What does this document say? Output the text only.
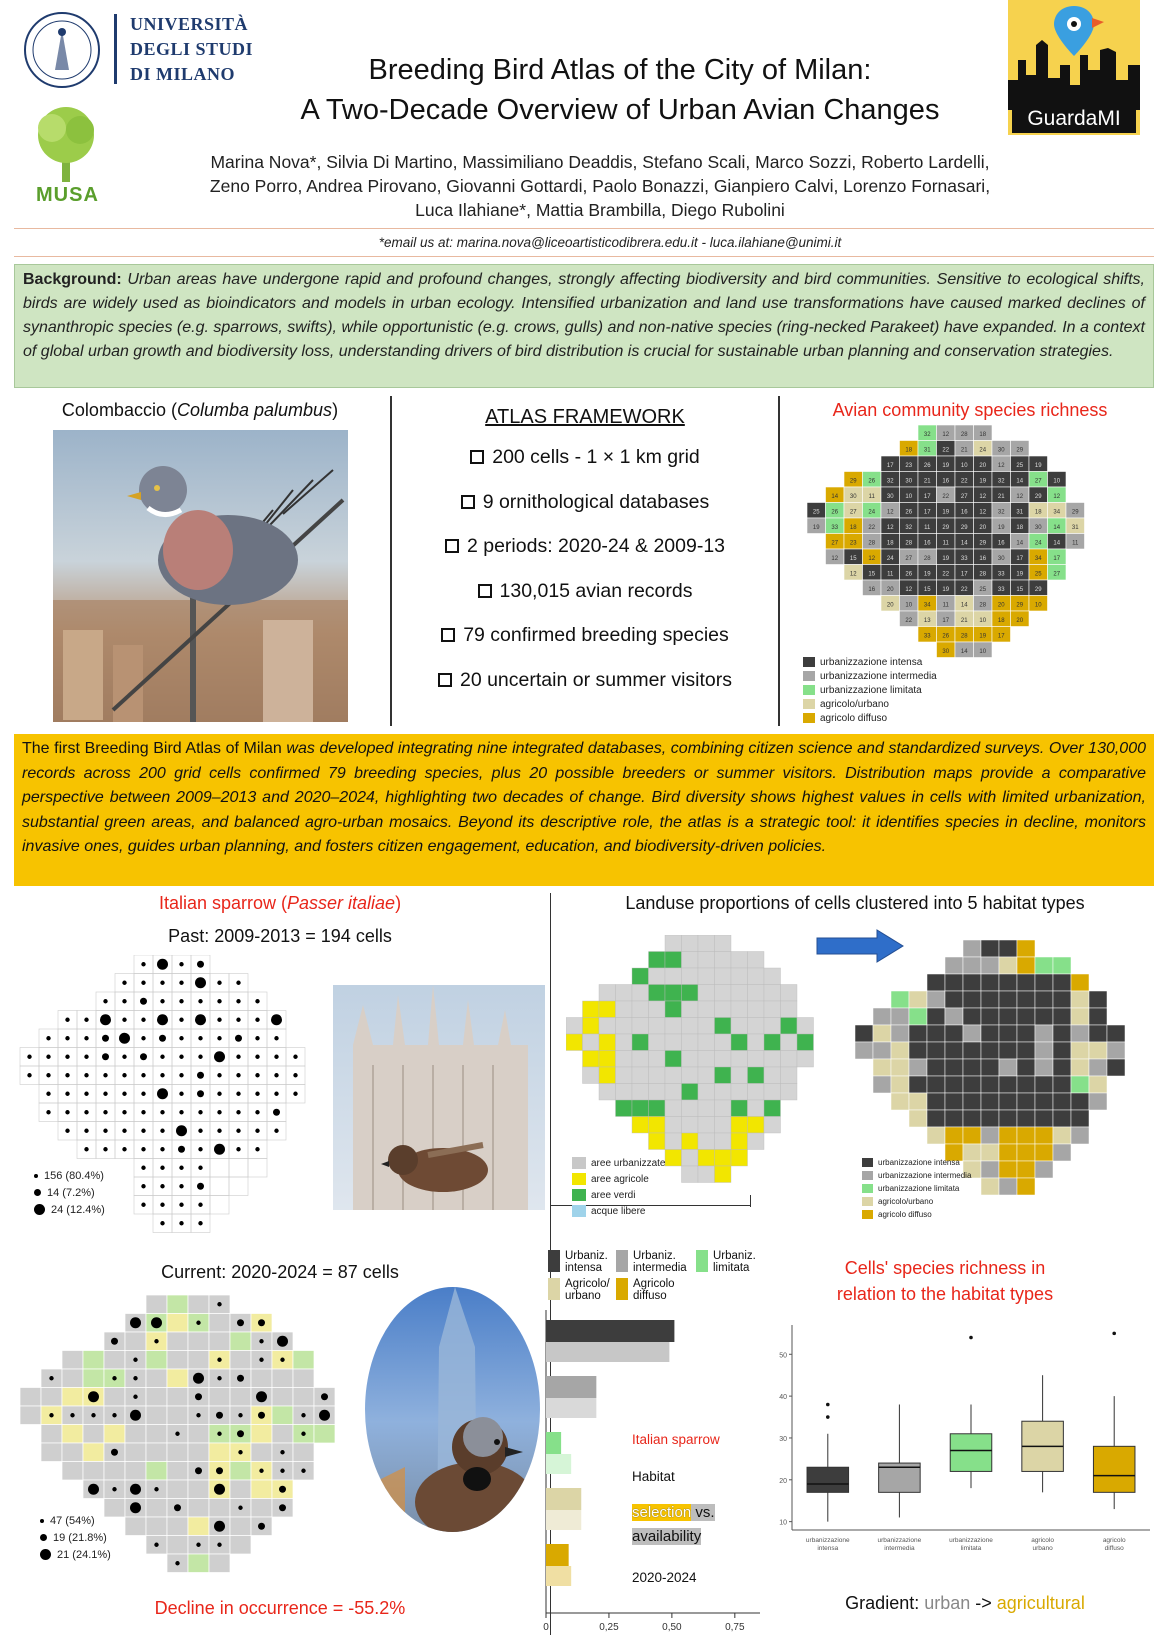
UNIVERSITÀ
DEGLI STUDI
DI MILANO
MUSA
Breeding Bird Atlas of the City of Milan:
A Two-Decade Overview of Urban Avian Changes	GuardaMI
Marina Nova*, Silvia Di Martino, Massimiliano Deaddis, Stefano Scali, Marco Sozzi, Roberto Lardelli,
Zeno Porro, Andrea Pirovano, Giovanni Gottardi, Paolo Bonazzi, Gianpiero Calvi, Lorenzo Fornasari,
Luca Ilahiane*, Mattia Brambilla, Diego Rubolini
*email us at: marina.nova@liceoartisticodibrera.edu.it - luca.ilahiane@unimi.it
Background: Urban areas have undergone rapid and profound changes, strongly affecting biodiversity and bird communities. Sensitive to ecological shifts, birds are widely used as bioindicators and models in urban ecology. Intensified urbanization and land use transformations have caused marked declines of synanthropic species (e.g. sparrows, swifts), while opportunistic (e.g. crows, gulls) and non-native species (ring-necked Parakeet) have expanded. In a context of global urban growth and biodiversity loss, understanding drivers of bird distribution is crucial for sustainable urban planning and conservation strategies.
Colombaccio (Columba palumbus)	ATLAS FRAMEWORK
200 cells - 1 × 1 km grid
9 ornithological databases
2 periods: 2020-24 & 2009-13
130,015 avian records
79 confirmed breeding species
20 uncertain or summer visitors
Avian community species richness
32 12 28 18
18 31 22 21 24 30 29
17 23 26 19 10 20 12 25 19
29 26 32 30 21 16 22 19 32 14 27 10
14 30 11 30 10 17 22 27 12 21 12 29 12
25 26 27 24 12 26 17 19 16 12 32 31 18 34 29
19 33 18 22 12 32 11 29 29 20 19 18 30 14 31
27 23 28 18 28 16 11 14 29 16 14 24 14 11
12 15 12 24 27 28 19 33 16 30 17 34 17
12 15 11 26 19 22 17 28 33 19 25 27
16 20 12 15 19 22 25 33 15 29
20 10 34 11 14 28 20 29 10
22 13 17 21 10 18 20
33 26 28 19 17
30 14 10
urbanizzazione intensa
urbanizzazione intermedia
urbanizzazione limitata
agricolo/urbano
agricolo diffuso
The first Breeding Bird Atlas of Milan was developed integrating nine integrated databases, combining citizen science and standardized surveys. Over 130,000 records across 200 grid cells confirmed 79 breeding species, plus 20 possible breeders or summer visitors. Distribution maps provide a comparative perspective between 2009–2013 and 2020–2024, highlighting two decades of change. Bird diversity shows highest values in cells with limited urbanization, substantial green areas, and balanced agro-urban mosaics. Beyond its descriptive role, the atlas is a strategic tool: it identifies species in decline, monitors invasive ones, guides urban planning, and fosters citizen engagement, education, and biodiversity-driven policies.
Italian sparrow (Passer italiae)
Past: 2009-2013 = 194 cells
156 (80.4%)
14 (7.2%)
24 (12.4%)
Landuse proportions of cells clustered into 5 habitat types
aree urbanizzate
aree agricole
aree verdi
acque libere
urbanizzazione intensa
urbanizzazione intermedia
urbanizzazione limitata
agricolo/urbano
agricolo diffuso
Current: 2020-2024 = 87 cells
47 (54%)
19 (21.8%)
21 (24.1%)
Decline in occurrence = -55.2%
Urbaniz.
intensa
Urbaniz.
intermedia
Urbaniz.
limitata
Agricolo/
urbano
Agricolo
diffuso
0	0,25	0,50	0,75
Italian sparrow
Habitat
selection vs.
availability
2020-2024
Cells' species richness in relation to the habitat types
10
20
30
40
50
urbanizzazione
intensa
urbanizzazione
intermedia
urbanizzazione
limitata
agricolo
urbano
agricolo
diffuso
Gradient: urban -> agricultural
